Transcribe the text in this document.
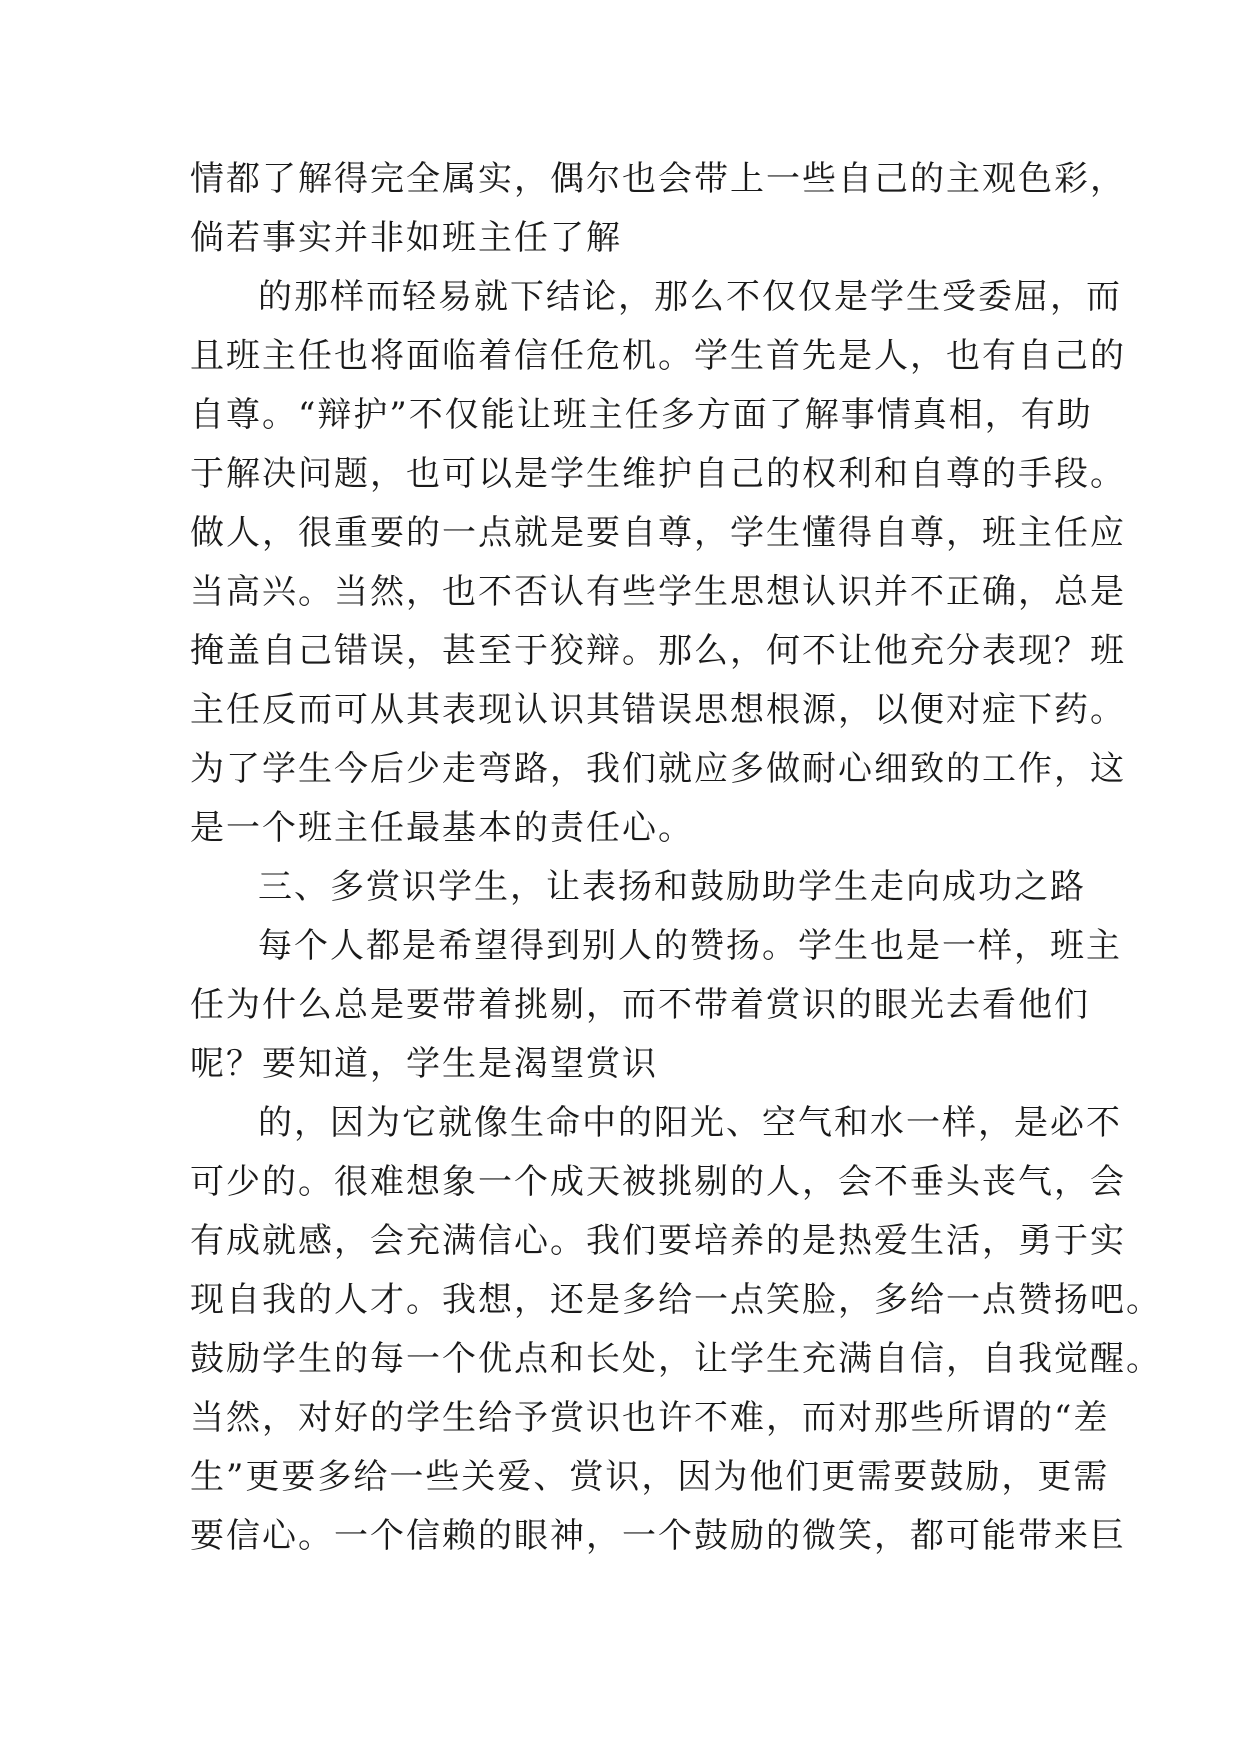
情都了解得完全属实，偶尔也会带上一些自己的主观色彩，
倘若事实并非如班主任了解
的那样而轻易就下结论，那么不仅仅是学生受委屈，而
且班主任也将面临着信任危机。学生首先是人，也有自己的
自尊。“辩护”不仅能让班主任多方面了解事情真相，有助
于解决问题，也可以是学生维护自己的权利和自尊的手段。
做人，很重要的一点就是要自尊，学生懂得自尊，班主任应
当高兴。当然，也不否认有些学生思想认识并不正确，总是
掩盖自己错误，甚至于狡辩。那么，何不让他充分表现？班
主任反而可从其表现认识其错误思想根源，以便对症下药。
为了学生今后少走弯路，我们就应多做耐心细致的工作，这
是一个班主任最基本的责任心。
三、多赏识学生，让表扬和鼓励助学生走向成功之路
每个人都是希望得到别人的赞扬。学生也是一样，班主
任为什么总是要带着挑剔，而不带着赏识的眼光去看他们
呢？要知道，学生是渴望赏识
的，因为它就像生命中的阳光、空气和水一样，是必不
可少的。很难想象一个成天被挑剔的人，会不垂头丧气，会
有成就感，会充满信心。我们要培养的是热爱生活，勇于实
现自我的人才。我想，还是多给一点笑脸，多给一点赞扬吧。
鼓励学生的每一个优点和长处，让学生充满自信，自我觉醒。
当然，对好的学生给予赏识也许不难，而对那些所谓的“差
生”更要多给一些关爱、赏识，因为他们更需要鼓励，更需
要信心。一个信赖的眼神，一个鼓励的微笑，都可能带来巨
